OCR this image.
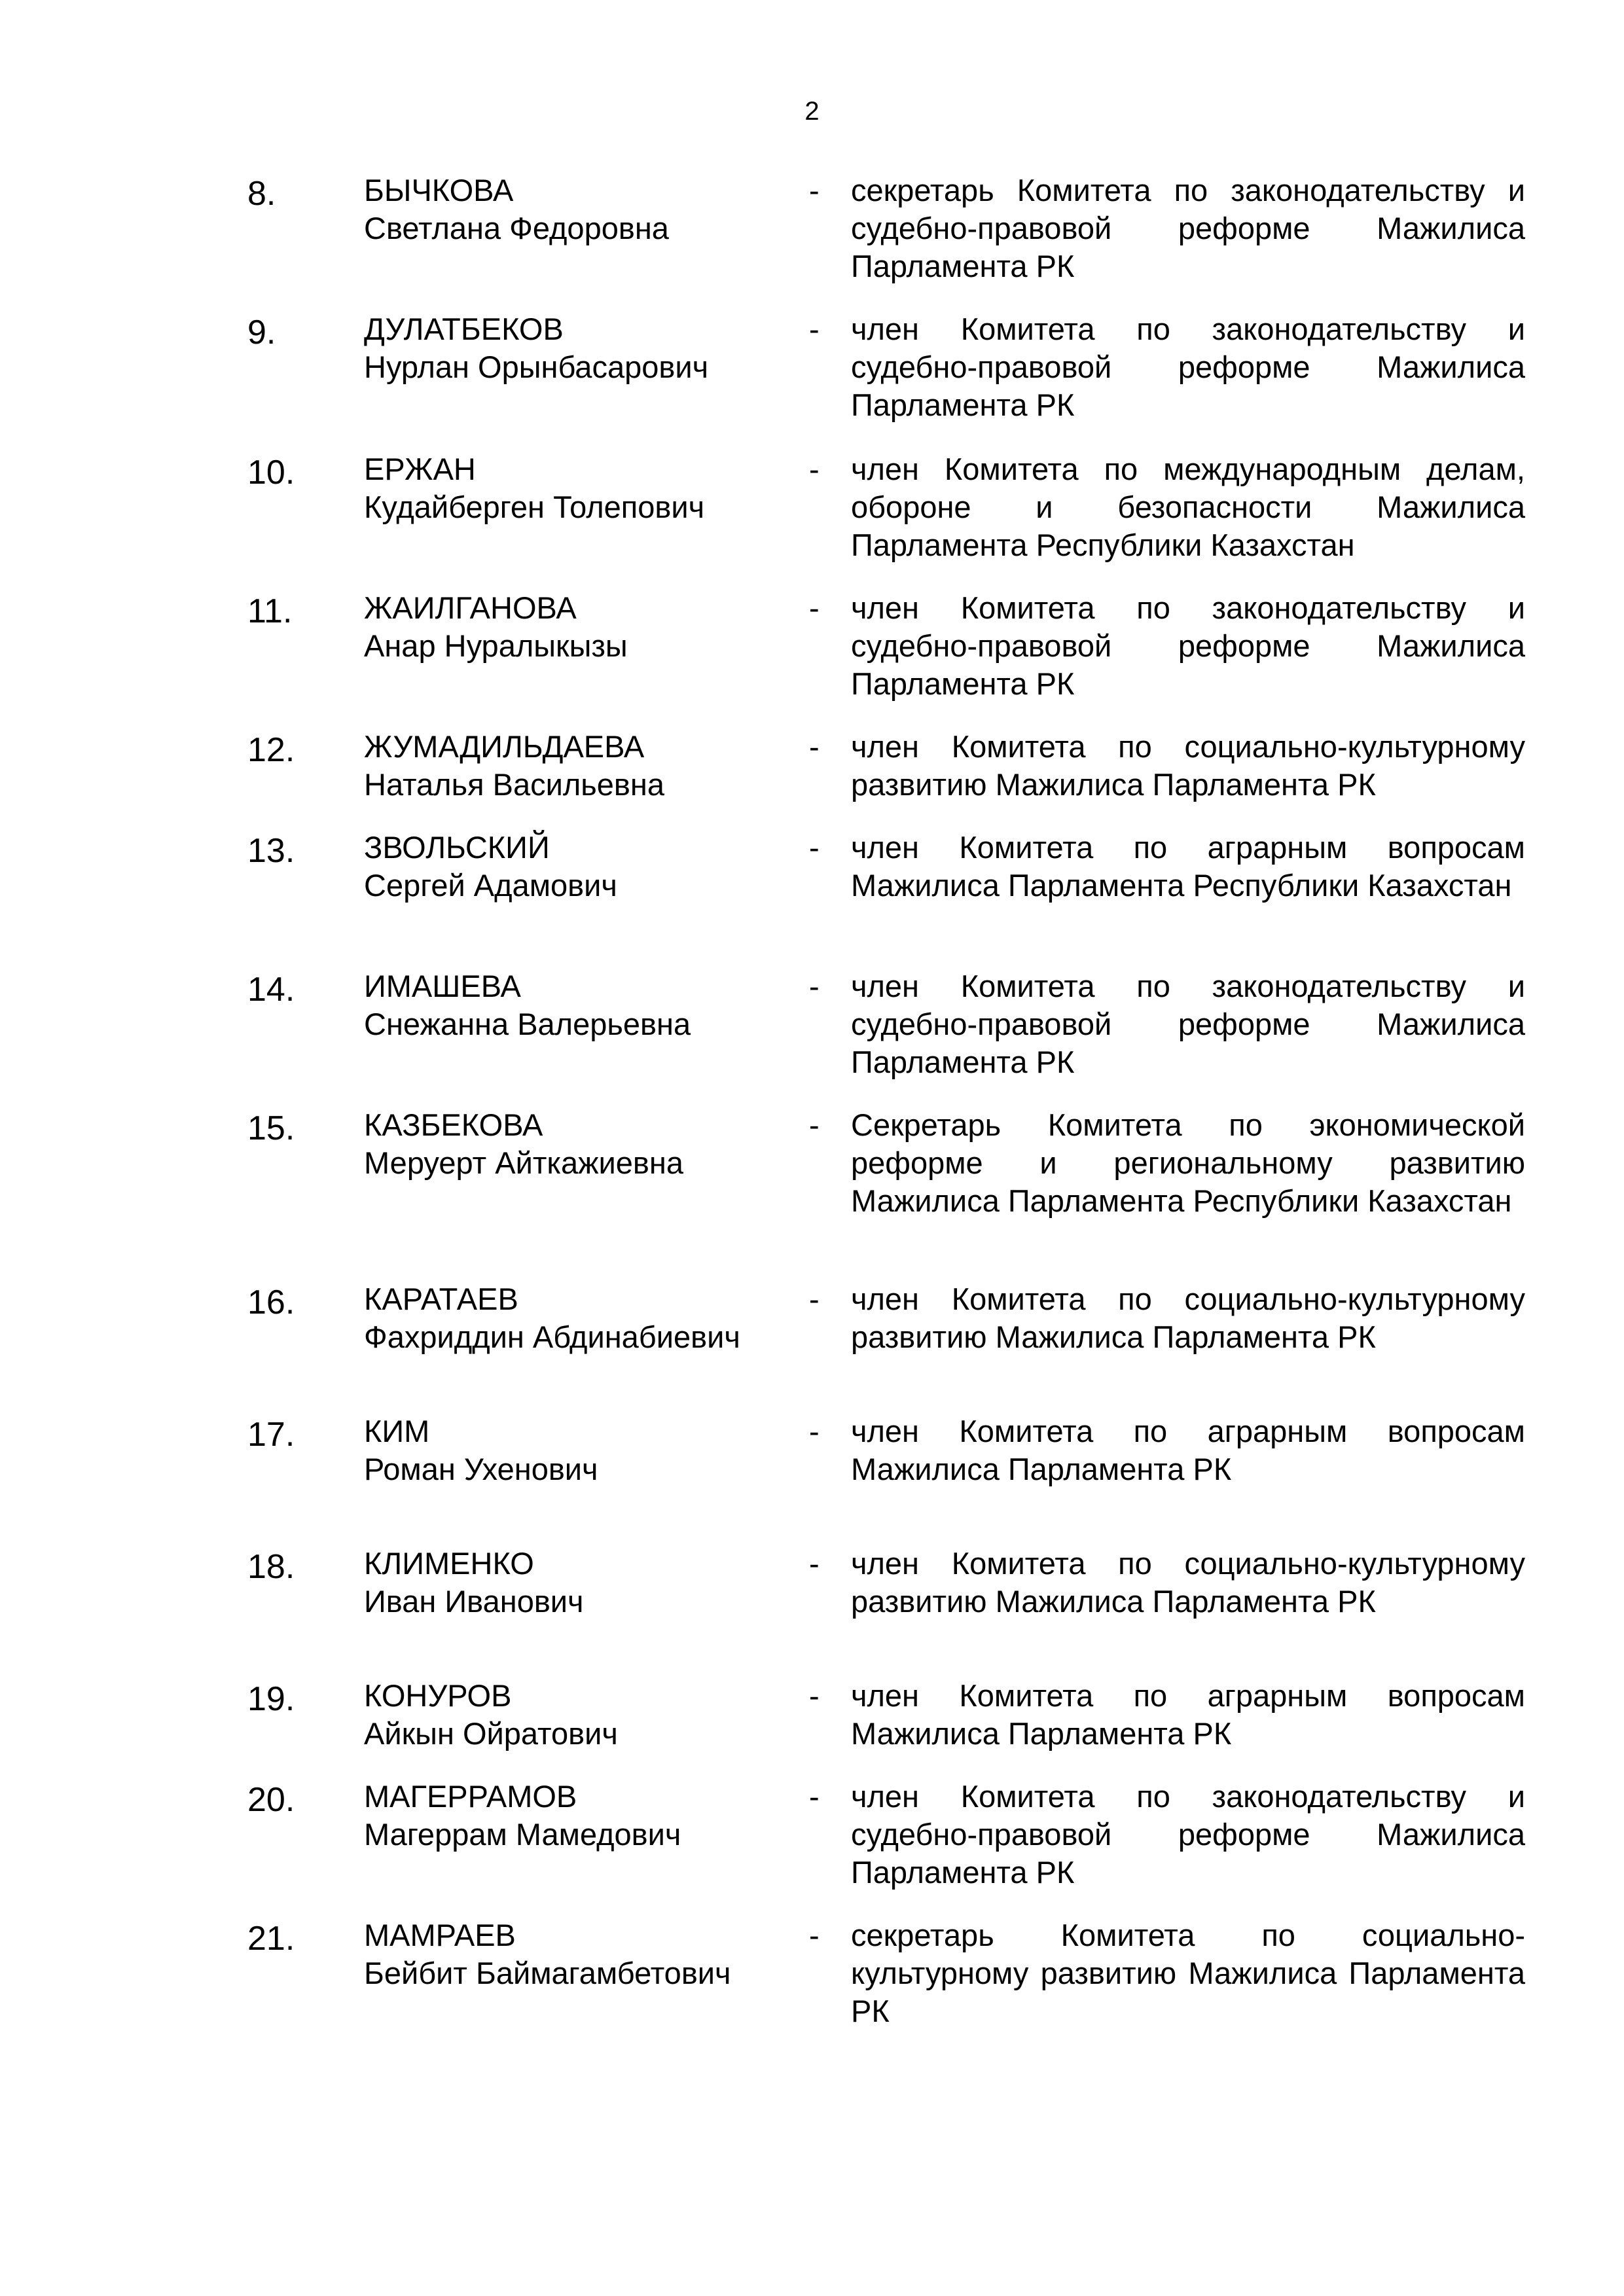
2
8.	БЫЧКОВА
Светлана Федоровна
- секретарь Комитета по законодательству и судебно-правовой реформе Мажилиса Парламента РК
9.	ДУЛАТБЕКОВ
Нурлан Орынбасарович
- член Комитета по законодательству и судебно-правовой реформе Мажилиса Парламента РК
10. ЕРЖАН
Кудайберген Толепович
- член Комитета по международным делам, обороне и безопасности Мажилиса Парламента Республики Казахстан
11. ЖАИЛГАНОВА
Анар Нуралыкызы
- член Комитета по законодательству и судебно-правовой реформе Мажилиса Парламента РК
12. ЖУМАДИЛЬДАЕВА
Наталья Васильевна
- член Комитета по социально-культурному развитию Мажилиса Парламента РК
13. ЗВОЛЬСКИЙ
Сергей Адамович
- член Комитета по аграрным вопросам Мажилиса Парламента Республики Казахстан
14. ИМАШЕВА
Снежанна Валерьевна
- член Комитета по законодательству и судебно-правовой реформе Мажилиса Парламента РК
15. КАЗБЕКОВА
Меруерт Айткажиевна
- Секретарь Комитета по экономической реформе и региональному развитию Мажилиса Парламента Республики Казахстан
16. КАРАТАЕВ
Фахриддин Абдинабиевич
- член Комитета по социально-культурному развитию Мажилиса Парламента РК
17. КИМ
Роман Ухенович
- член Комитета по аграрным вопросам Мажилиса Парламента РК
18. КЛИМЕНКО
Иван Иванович
- член Комитета по социально-культурному развитию Мажилиса Парламента РК
19. КОНУРОВ
Айкын Ойратович
- член Комитета по аграрным вопросам Мажилиса Парламента РК
20. МАГЕРРАМОВ
Магеррам Мамедович
- член Комитета по законодательству и судебно-правовой реформе Мажилиса Парламента РК
21. МАМРАЕВ
Бейбит Баймагамбетович
- секретарь Комитета по социально-культурному развитию Мажилиса Парламента РК
